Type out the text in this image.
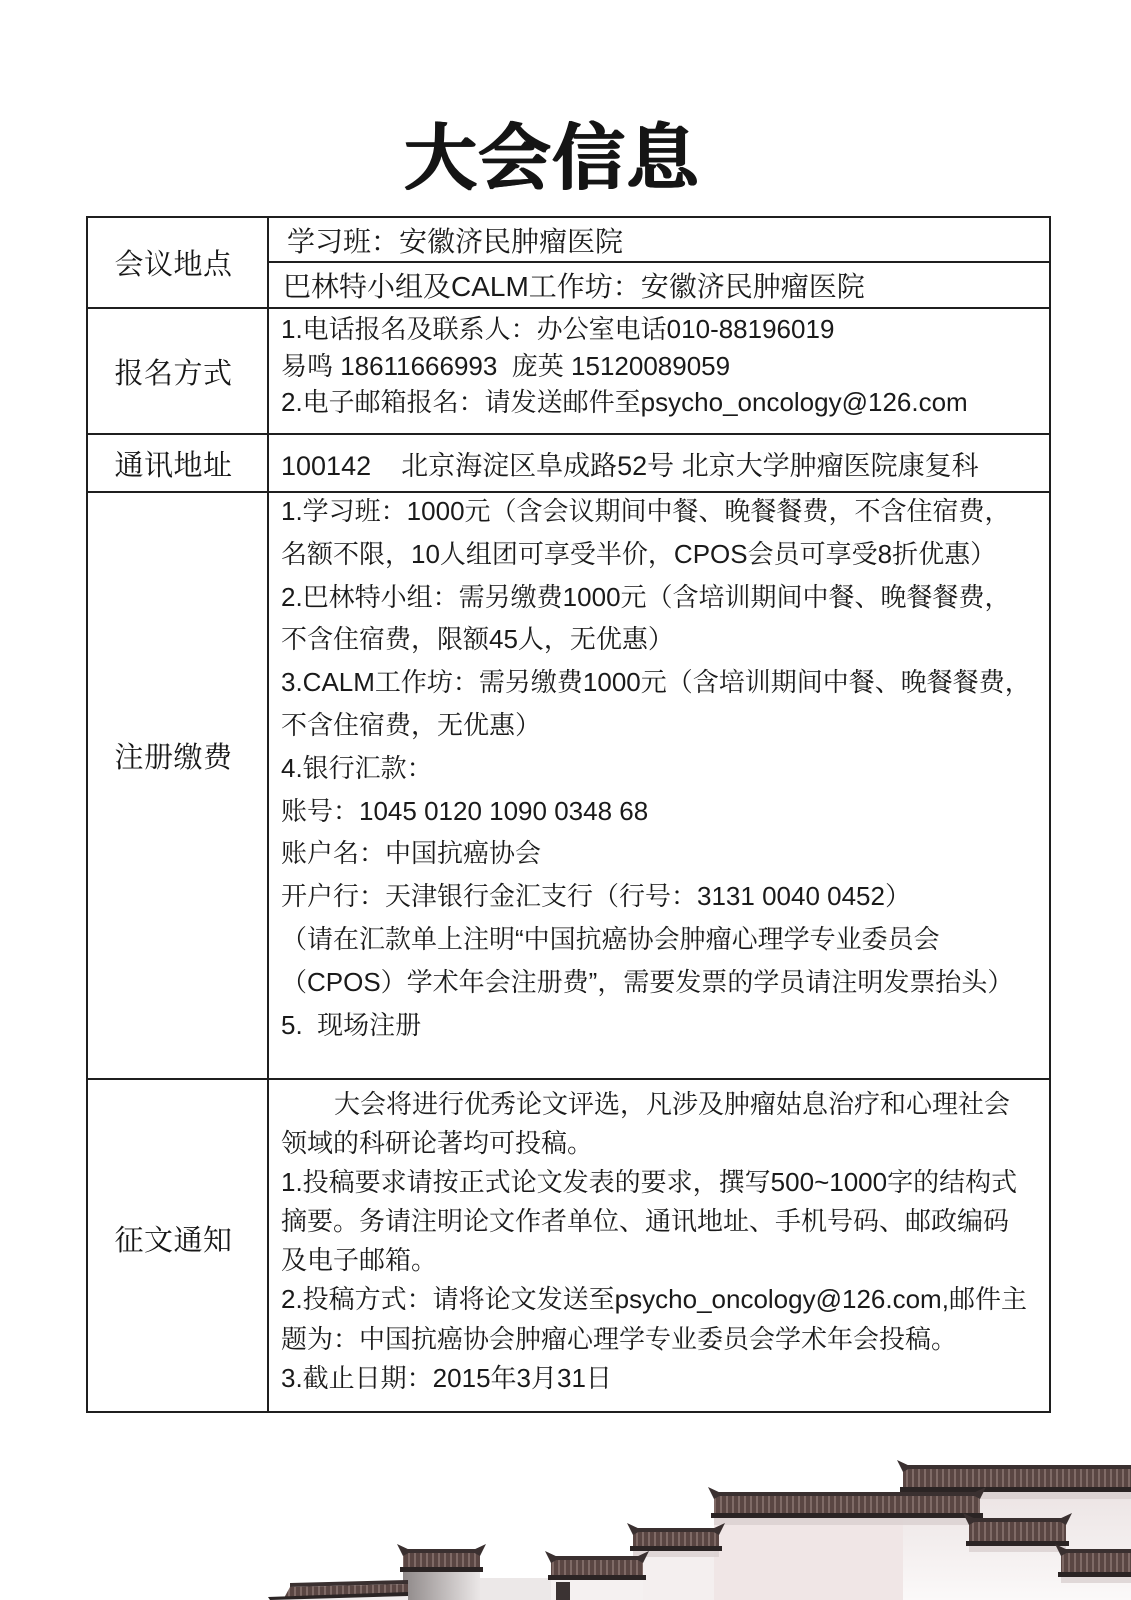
大会信息
会议地点
学习班：安徽济民肿瘤医院
巴林特小组及CALM工作坊：安徽济民肿瘤医院
报名方式
1.电话报名及联系人：办公室电话010-88196019
易鸣 18611666993  庞英 15120089059
2.电子邮箱报名：请发送邮件至psycho_oncology@126.com
通讯地址	100142    北京海淀区阜成路52号 北京大学肿瘤医院康复科
注册缴费
1.学习班：1000元（含会议期间中餐、晚餐餐费，不含住宿费，
名额不限，10人组团可享受半价，CPOS会员可享受8折优惠）
2.巴林特小组：需另缴费1000元（含培训期间中餐、晚餐餐费，
不含住宿费，限额45人，无优惠）
3.CALM工作坊：需另缴费1000元（含培训期间中餐、晚餐餐费，
不含住宿费，无优惠）
4.银行汇款：
账号：1045 0120 1090 0348 68
账户名：中国抗癌协会
开户行：天津银行金汇支行（行号：3131 0040 0452）
（请在汇款单上注明“中国抗癌协会肿瘤心理学专业委员会
（CPOS）学术年会注册费”，需要发票的学员请注明发票抬头）
5.  现场注册
征文通知
大会将进行优秀论文评选，凡涉及肿瘤姑息治疗和心理社会
领域的科研论著均可投稿。
1.投稿要求请按正式论文发表的要求，撰写500~1000字的结构式
摘要。务请注明论文作者单位、通讯地址、手机号码、邮政编码
及电子邮箱。
2.投稿方式：请将论文发送至psycho_oncology@126.com,邮件主
题为：中国抗癌协会肿瘤心理学专业委员会学术年会投稿。
3.截止日期：2015年3月31日
